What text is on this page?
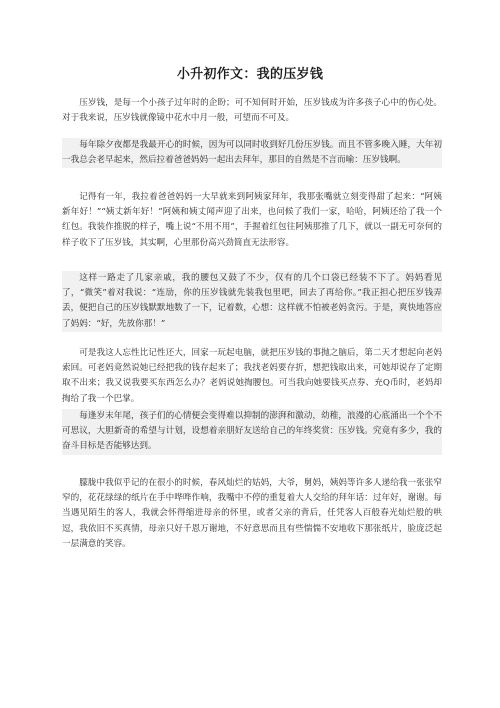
小升初作文：我的压岁钱
压岁钱，是每一个小孩子过年时的企盼；可不知何时开始，压岁钱成为许多孩子心中的伤心处。对于我来说，压岁钱就像镜中花水中月一般，可望而不可及。
每年除夕夜都是我最开心的时候，因为可以同时收到好几份压岁钱。而且不管多晚入睡，大年初一我总会老早起来，然后拉着爸爸妈妈一起出去拜年，那目的自然是不言而喻：压岁钱啊。
记得有一年，我拉着爸爸妈妈一大早就来到阿姨家拜年，我那张嘴就立刻变得甜了起来：“阿姨新年好！”“姨丈新年好！”阿姨和姨丈闻声迎了出来，也问候了我们一家，哈哈，阿姨还给了我一个红包。我装作推脱的样子，嘴上说“不用不用”，手握着红包往阿姨那推了几下，就以一副无可奈何的样子收下了压岁钱，其实啊，心里那份高兴劲简直无法形容。
这样一路走了几家亲戚，我的腰包又鼓了不少，仅有的几个口袋已经装不下了。妈妈看见了，“微笑”着对我说：“连劢，你的压岁钱就先装我包里吧，回去了再给你。”我正担心把压岁钱弄丢，便把自己的压岁钱默默地数了一下，记着数，心想：这样就不怕被老妈贪污。于是，爽快地答应了妈妈：“好，先放你那！”
可是我这人忘性比记性还大，回家一玩起电脑，就把压岁钱的事抛之脑后，第二天才想起向老妈索回。可老妈竟然说她已经把我的钱存起来了；我找老妈要存折，想把钱取出来，可她却说存了定期取不出来；我又说我要买东西怎么办？老妈说她掏腰包。可当我向她要钱买点券、充Q币时，老妈却掏给了我一个巴掌。
每逢岁末年尾，孩子们的心情便会变得难以抑制的澎湃和激动，幼稚，浪漫的心底涌出一个个不可思议，大胆新奇的希望与计划，设想着亲朋好友送给自己的年终奖赏：压岁钱。究竟有多少，我的奋斗目标是否能够达到。
朦胧中我似乎记的在很小的时候，春风灿烂的姑妈，大爷，舅妈，姨妈等许多人递给我一张张窄窄的，花花绿绿的纸片在手中哗哗作响，我嘴中不停的重复着大人交给的拜年话：过年好，谢谢。每当遇见陌生的客人，我就会怀得缩进母亲的怀里，或者父亲的背后，任凭客人百般春光灿烂般的哄逗，我依旧不买真情，母亲只好千恩万谢地，不好意思而且有些惴惴不安地收下那张纸片，脸庞泛起一层满意的笑容。
